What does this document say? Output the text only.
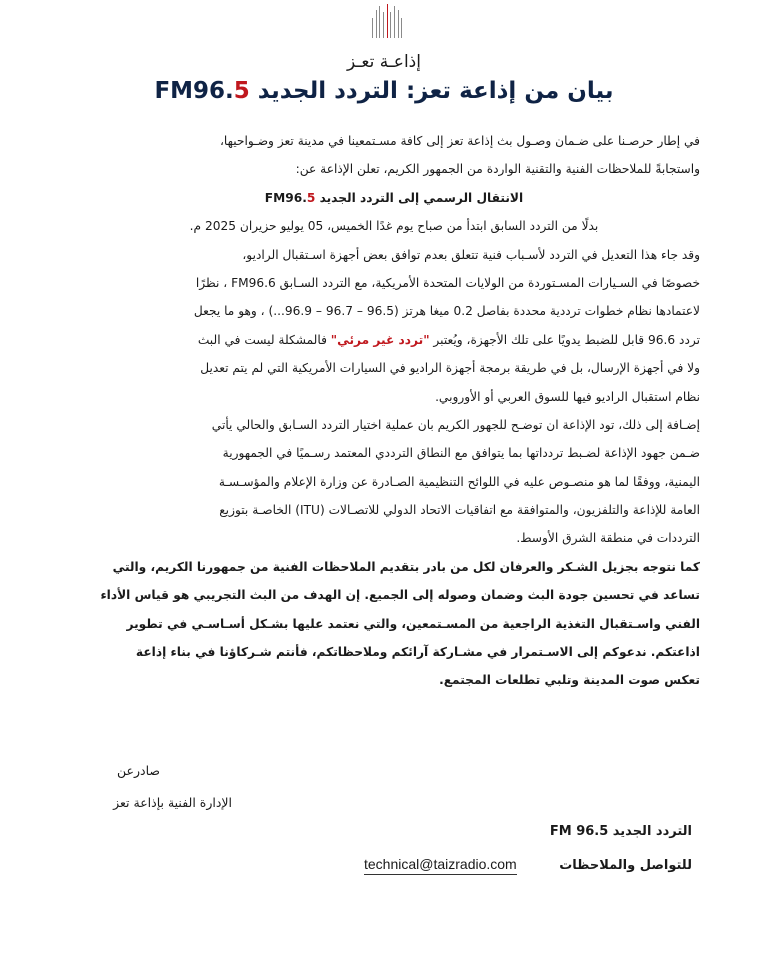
إذاعـة تعـز
بيان من إذاعة تعز: التردد الجديد FM96.5
في إطار حرصـنا على ضـمان وصـول بث إذاعة تعز إلى كافة مسـتمعينا في مدينة تعز وضـواحيها،
واستجابةً للملاحظات الفنية والتقنية الواردة من الجمهور الكريم، تعلن الإذاعة عن:
الانتقال الرسمي إلى التردد الجديد FM96.5
بدلًا من التردد السابق ابتدأ من صباح يوم غدًا الخميس، 05 يوليو حزيران 2025 م.
وقد جاء هذا التعديل في التردد لأسـباب فنية تتعلق بعدم توافق بعض أجهزة اسـتقبال الراديو،
خصوصًا في السـيارات المسـتوردة من الولايات المتحدة الأمريكية، مع التردد السـابق FM96.6 ، نظرًا
لاعتمادها نظام خطوات ترددية محددة بفاصل 0.2 ميغا هرتز (96.5 – 96.7 – 96.9...) ، وهو ما يجعل
تردد 96.6 قابل للضبط يدويًا على تلك الأجهزة، ويُعتبر "تردد غير مرئي" فالمشكلة ليست في البث
ولا في أجهزة الإرسال، بل في طريقة برمجة أجهزة الراديو في السيارات الأمريكية التي لم يتم تعديل
نظام استقبال الراديو فيها للسوق العربي أو الأوروبي.
إضـافة إلى ذلك، تود الإذاعة ان توضـح للجهور الكريم بان عملية اختيار التردد السـابق والحالي يأتي
ضـمن جهود الإذاعة لضـبط تردداتها بما يتوافق مع النطاق الترددي المعتمد رسـميًا في الجمهورية
اليمنية، ووفقًا لما هو منصـوص عليه في اللوائح التنظيمية الصـادرة عن وزارة الإعلام والمؤسـسـة
العامة للإذاعة والتلفزيون، والمتوافقة مع اتفاقيات الاتحاد الدولي للاتصـالات (ITU) الخاصـة بتوزيع
الترددات في منطقة الشرق الأوسط.
كما نتوجه بجزيل الشـكر والعرفان لكل من بادر بتقديم الملاحظات الفنية من جمهورنا الكريم، والتي
تساعد في تحسين جودة البث وضمان وصوله إلى الجميع. إن الهدف من البث التجريبي هو قياس الأداء
الفني واسـتقبال التغذية الراجعية من المسـتمعين، والتي نعتمد عليها بشـكل أسـاسـي في تطوير
اذاعتكم. ندعوكم إلى الاسـتمرار في مشـاركة آرائكم وملاحظاتكم، فأنتم شـركاؤنا في بناء إذاعة
تعكس صوت المدينة وتلبي تطلعات المجتمع.
صادرعن
الإدارة الفنية بإذاعة تعز
التردد الجديد 96.5 FM
للتواصل والملاحظات
technical@taizradio.com
